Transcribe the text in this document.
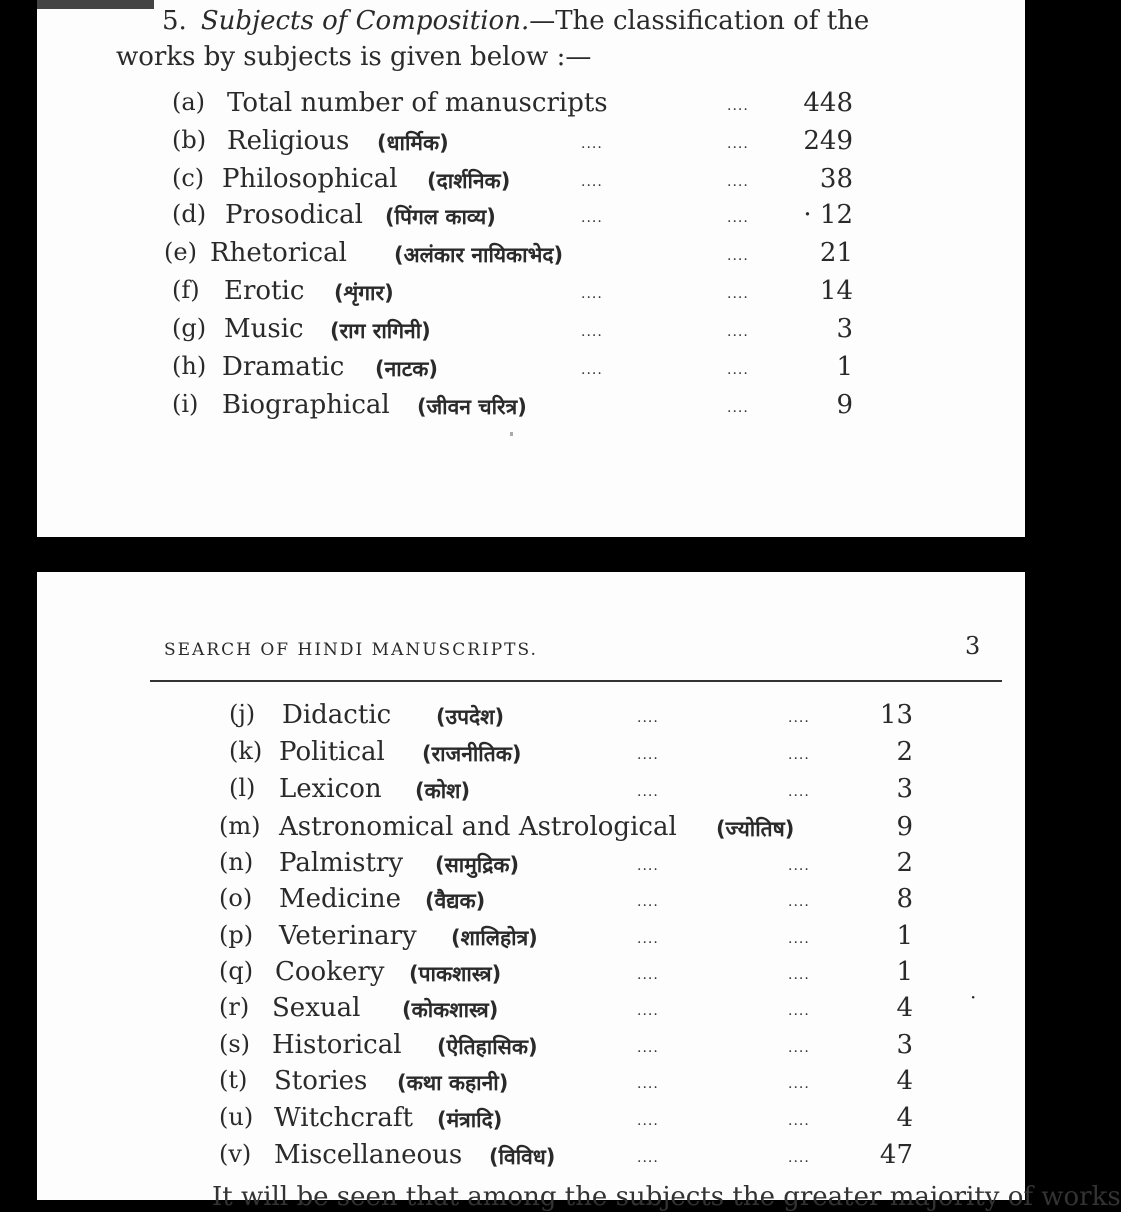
5. Subjects of Composition.—The classification of the
works by subjects is given below :—
(a) Total number of manuscripts	....	448
(b) Religious (धार्मिक)	....	....	249
(c) Philosophical (दार्शनिक)	....	....	38
(d) Prosodical (पिंगल काव्य)	....	....	· 12
(e) Rhetorical (अलंकार नायिकाभेद)	....	21
(f) Erotic (शृंगार)	....	....	14
(g) Music (राग रागिनी)	....	....	3
(h) Dramatic (नाटक)	....	....	1
(i) Biographical (जीवन चरित्र)	....	9
SEARCH OF HINDI MANUSCRIPTS.	3
(j) Didactic (उपदेश)	....	....	13
(k) Political (राजनीतिक)	....	....	2
(l) Lexicon (कोश)	....	....	3
(m) Astronomical and Astrological (ज्योतिष)	9
(n) Palmistry (सामुद्रिक)	....	....	2
(o) Medicine (वैद्यक)	....	....	8
(p) Veterinary (शालिहोत्र)	....	....	1
(q) Cookery (पाकशास्त्र)	....	....	1
(r) Sexual (कोकशास्त्र)	....	....	4
(s) Historical (ऐतिहासिक)	....	....	3
(t) Stories (कथा कहानी)	....	....	4
(u) Witchcraft (मंत्रादि)	....	....	4
(v) Miscellaneous (विविध)	....	....	47
·
It will be seen that among the subjects the greater majority of works
